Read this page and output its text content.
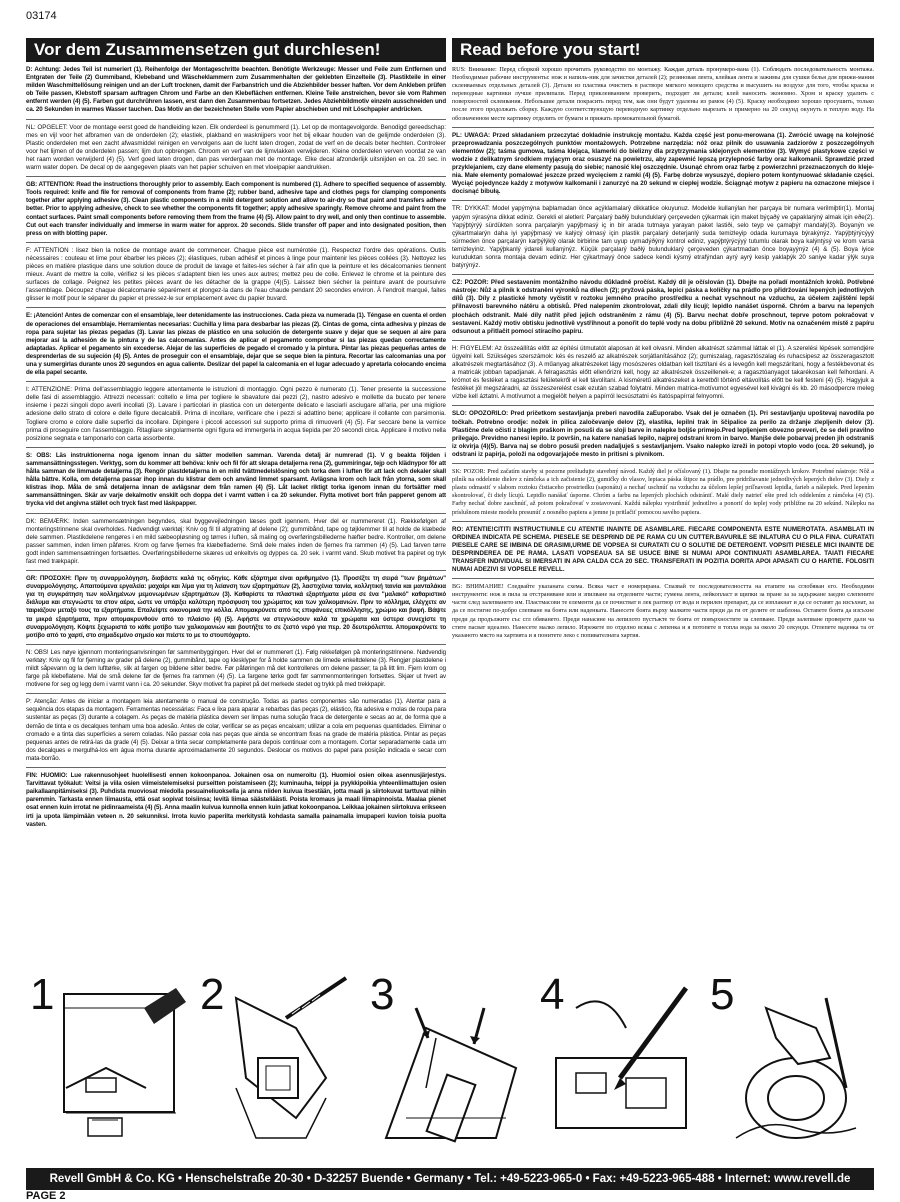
03174
Vor dem Zusammensetzen gut durchlesen!	Read before you start!

D: Achtung: Jedes Teil ist numeriert (1). Reihenfolge der Montageschritte beachten. Benötigte Werkzeuge: Messer und Feile zum Entfernen und Entgraten der Teile (2) Gummiband, Klebeband und Wäscheklammern zum Zusammenhalten der geklebten Einzelteile (3). Plastikteile in einer milden Waschmittellösung reinigen und an der Luft trocknen, damit der Farbanstrich und die Abziehbilder besser haften. Vor dem Ankleben prüfen ob Teile passen, Klebstoff sparsam auftragen Chrom und Farbe an den Klebeflächen entfernen. Kleine Teile anstreichen, bevor sie vom Rahmen entfernt werden (4) (5). Farben gut durchrühren lassen, erst dann den Zusammenbau fortsetzen. Jedes Abziehbildmotiv einzeln ausschneiden und ca. 20 Sekunden in warmes Wasser tauchen. Das Motiv an der bezeichneten Stelle vom Papier abschieben und mit Löschpapier andrücken.

NL: OPGELET: Voor de montage eerst goed de handleiding lezen. Elk onderdeel is genummerd (1). Let op de montagevolgorde. Benodigd gereedschap: mes en vijl voor het afbramen van de onderdelen (2); elastiek, plakband en wasknijpers voor het bij elkaar houden van de gelijmde onderdelen (3). Plastic onderdelen met een zacht afwasmiddel reinigen en vervolgens aan de lucht laten drogen, zodat de verf en de decals beter hechten. Controleer voor het lijmen of de onderdelen passen; lijm dun opbrengen. Chroom en verf van de lijmvlakken verwijderen. Kleine onderdelen verven voordat ze van het raam worden verwijderd (4) (5). Verf goed laten drogen, dan pas verdergaan met de montage. Elke decal afzonderlijk uitsnijden en ca. 20 sec. in warm water dopen. De decal op de aangegeven plaats van het papier schuiven en met vloeipapier aandrukken.

GB: ATTENTION: Read the instructions thoroughly prior to assembly. Each component is numbered (1). Adhere to specified sequence of assembly. Tools required: knife and file for removal of components from frame (2); rubber band, adhesive tape and clothes pegs for clamping components together after applying adhesive (3). Clean plastic components in a mild detergent solution and allow to air-dry so that paint and transfers adhere better. Prior to applying adhesive, check to see whether the components fit together; apply adhesive sparingly. Remove chrome and paint from the contact surfaces. Paint small components before removing them from the frame (4) (5). Allow paint to dry well, and only then continue to assemble. Cut out each transfer individually and immerse in warm water for approx. 20 seconds. Slide transfer off paper and into designated position, then press on with blotting paper.

F: ATTENTION : lisez bien la notice de montage avant de commencer. Chaque pièce est numérotée (1). Respectez l'ordre des opérations. Outils nécessaires : couteau et lime pour ébarber les pièces (2); élastiques, ruban adhésif et pinces à linge pour maintenir les pièces collées (3). Nettoyez les pièces en matière plastique dans une solution douce de produit de lavage et faites-les sécher à l'air afin que la peinture et les décalcomanies tiennent mieux. Avant de mettre la colle, vérifiez si les pièces s'adaptent bien les unes aux autres; mettez peu de colle. Enlevez le chrome et la peinture des surfaces de collage. Peignez les petites pièces avant de les détacher de la grappe (4)(5). Laissez bien sécher la peinture avant de poursuivre l'assemblage. Découpez chaque décalcomanie séparément et plongez-la dans de l'eau chaude pendant 20 secondes environ. À l'endroit marqué, faites glisser le motif pour le séparer du papier et pressez-le sur emplacement avec du papier buvard.

E: ¡Atención! Antes de comenzar con el ensamblaje, leer detenidamente las instrucciones. Cada pieza va numerada (1). Téngase en cuenta el orden de operaciones del ensamblaje. Herramientas necesarias: Cuchilla y lima para desbarbar las piezas (2). Cintas de goma, cinta adhesiva y pinzas de ropa para sujetar las piezas pegadas (3). Lavar las piezas de plástico en una solución de detergente suave y dejar que se sequen al aire para mejorar así la adhesión de la pintura y de las calcomanías. Antes de aplicar el pegamento comprobar si las piezas quedan correctamente adaptadas. Aplicar el pegamento sin excederse. Alejar de las superficies de pegado el cromado y la pintura. Pintar las piezas pequeñas antes de desprenderlas de su sujeción (4) (5). Antes de proseguir con el ensamblaje, dejar que se seque bien la pintura. Recortar las calcomanías una por una y sumergirlas durante unos 20 segundos en agua caliente. Deslizar del papel la calcomanía en el lugar adecuado y apretarla colocando encima de ella papel secante.

I: ATTENZIONE: Prima dell'assemblaggio leggere attentamente le istruzioni di montaggio. Ogni pezzo è numerato (1). Tener presente la successione delle fasi di assemblaggio. Attrezzi necessari: coltello e lima per togliere le sbavature dai pezzi (2), nastro adesivo e mollette da bucato per tenere insieme i pezzi singoli dopo averli incollati (3). Lavare i particolari in plastica con un detergente delicato e lasciarli asciugare all'aria, per una migliore adesione dello strato di colore e delle figure decalcabili. Prima di incollare, verificare che i pezzi si adattino bene; applicare il collante con parsimonia. Togliere cromo e colore dalle superfici da incollare. Dipingere i piccoli accessori sul supporto prima di rimuoverli (4) (5). Far seccare bene la vernice prima di proseguire con l'assemblaggio. Ritagliare singolarmente ogni figura ed immergerla in acqua tiepida per 20 secondi circa. Applicare il motivo nella posizione segnata e tamponarlo con carta assorbente.

S: OBS: Läs instruktionerna noga igenom innan du sätter modellen samman. Varenda detalj är numrerad (1). V g beakta följden i sammansättningsstegen. Verktyg, som du kommer att behöva: kniv och fil för att skrapa detaljerna rena (2), gummiringar, tejp och klädnypor för att hålla samman de limmade detaljerna (3). Rengör plastdetaljerna in en mild tvättmedelslösning och torka dem i luften för att lack och dekaler skall hålla bättre. Kolla, om detaljerna passar ihop innan du klistrar dem och använd limmet sparsamt. Avlägsna krom och lack från ytorna, som skall klistras ihop. Måla de små detaljerna innan de avlägsnar dem från ramen (4) (5). Låt lacket riktigt torka igenom innan du fortsätter med sammansättningen. Skär av varje dekalmotiv enskilt och doppa det i varmt vatten i ca 20 sekunder. Flytta motivet bort från papperet genom att trycka vid det angivna stället och tryck fast med läskpapper.

DK: BEMÆRK: Inden sammensætningen begyndes, skal byggevejledningen læses godt igennem. Hver del er nummereret (1). Rækkefølgen af monteringstrinnene skal overholdes. Nødvendigt værktøj: Kniv og fil til afgratning af delene (2); gummibånd, tape og tøjklemmer til at holde de klæbede dele sammen. Plastikdelene rengøres i en mild sæbeopløsning og tørres i luften, så maling og overføringsbillederne hæfter bedre. Kontroller, om delene passer sammen, inden limen påføres. Krom og farve fjernes fra klæbefladerne. Små dele males inden de fjernes fra rammen (4) (5). Lad farven tørre godt inden sammensætningen fortsættes. Overføringsbillederne skæres ud enkeltvis og dyppes ca. 20 sek. i varmt vand. Skub motivet fra papiret og tryk fast med trækpapir.

GR: ΠΡΟΣΟΧΗ: Πριν τη συναρμολόγηση, διαβάστε καλά τις οδηγίες. Κάθε εξάρτημα είναι αριθμημένο (1). Προσέξτε τη σειρά "των βημάτων" συναρμολόγησης. Απαιτούμενα εργαλεία: μαχαίρι και λίμα για τη λείανση των εξαρτημάτων (2), λαστιχένια ταινία, κολλητική ταινία και μανταλάκια για τη συγκράτηση των κολλημένων μεμονωμένων εξαρτημάτων (3). Καθαρίστε τα πλαστικά εξαρτήματα μέσα σε ένα "μαλακό" καθαριστικό διάλυμα και στεγνώστε τα στον αέρα, ώστε να υπάρξει καλύτερη πρόσφυση του χρώματος και των χαλκομανιών. Πριν το κόλλημα, ελέγχετε αν ταιριάζουν μεταξύ τους τα εξαρτήματα. Επαλείψτε οικονομικά την κόλλα. Απομακρύνετε από τις επιφάνειες επικόλλησης, χρώμιο και βαφή. Βάψτε τα μικρά εξαρτήματα, πριν απομακρυνθούν από το πλαίσιο (4) (5). Αφήστε να στεγνώσουν καλά τα χρώματα και ύστερα συνεχίστε τη συναρμολόγηση. Κόψτε ξεχωριστά το κάθε μοτίβο των χαλκομανιών και βουτήξτε το σε ζεστό νερό για περ. 20 δευτερόλεπτα. Απομακρύνετε το μοτίβο από το χαρτί, στο σημαδεμένο σημείο και πιέστε το με το στουπόχαρτο.

N: OBS! Les nøye igjennom monteringsanvisningen før sammenbyggingen. Hver del er nummerert (1). Følg rekkefølgen på monteringstrinnene. Nødvendig verktøy: Kniv og fil for fjerning av grader på delene (2), gummibånd, tape og klesklyper for å holde sammen de limede enkeltdelene (3). Rengjør plastdelene i mildt såpevann og la dem lufttørke, slik at fargen og bildene sitter bedre. Før påføringen må det kontrolleres om delene passer; ta på litt lim. Fjern krom og farge på klebeflatene. Mal de små delene før de fjernes fra rammen (4) (5). La fargene tørke godt før sammenmonteringen fortsettes. Skjær ut hvert av motivene for seg og legg dem i varmt vann i ca. 20 sekunder. Skyv motivet fra papiret på det merkede stedet og trykk på med trekkpapir.

P: Atenção: Antes de iniciar a montagem leia atentamente o manual de construção. Todas as partes componentes são numeradas (1). Atentar para a sequência dos etapas da montagem. Ferramentas necessárias: Faca e lixa para aparar a rebarbas das peças (2), elástico, fita adesiva e molas de roupa para sustentar as peças (3) durante a colagem. As peças de matéria plástica devem ser limpas numa solução fraca de detergente e secas ao ar, de forma que a demão de tinta e os decalques tenham uma boa adesão. Antes de colar, verificar se as peças encaixam; utilizar a cola em pequenas quantidades. Eliminar o cromado e a tinta das superfícies a serem coladas. Não passar cola nas peças que ainda se encontram fixas na grade de matéria plástica. Pintar as peças pequenas antes de retirá-las da grade (4) (5). Deixar a tinta secar completamente para depois continuar com a montagem. Cortar separadamente cada um dos decalques e mergulhá-los em água morna durante aproximadamente 20 segundos. Deslocar os motivos do papel para posição indicada e secar com mata-borrão.

FIN: HUOMIO: Lue rakennusohjeet huolellisesti ennen kokoonpanoa. Jokainen osa on numeroitu (1). Huomioi osien oikea asennusjärjestys. Tarvittavat työkalut: Veitsi ja viila osien viimeistelemiseksi purseitten poistamiseen (2); kuminauha, teippi ja pyykkipoikia yhteenliimattujen osien paikallaanpitämiseksi (3). Puhdista muoviosat miedolla pesuaineliuoksella ja anna niiden kuivua itsestään, jotta maali ja siirtokuvat tarttuvat niihin paremmin. Tarkasta ennen liimausta, että osat sopivat toisiinsa; levitä liimaa säästeliäästi. Poista kromaus ja maali liimapinnoista. Maalaa pienet osat ennen kuin irrotat ne pidinraameista (4) (5). Anna maalin kuivua kunnolla ennen kuin jatkat kokoonpanoa. Leikkaa jokainen siirtokuva erikseen irti ja upota lämpimään veteen n. 20 sekunniksi. Irrota kuvio paperilta merkitystä kohdasta samalla painamalla imupaperi kuvion toisia puolta vasten.

RUS: Внимание: Перед сборкой хорошо прочитать руководство по монтажу. Каждая деталь пронумеро-вана (1). Соблюдать последовательность монтажа. Необходимые рабочие инструменты: нож и напиль-ник для зачистки деталей (2); резиновая лента, клейкая лента и зажимы для сушки белья для прижи-мания склеиваемых отдельных деталей (3). Детали из пластика очистить в растворе мягкого моющего средства и высушить на воздухе для того, чтобы краска и переводные картинки лучше прилипали. Перед приклеиванием проверить, подходят ли детали; клей наносить экономно. Хром и краску удалить с поверхностей склеивания. Небольшие детали покрасить перед тем, как они будут удалены из рамок (4) (5). Краску необходимо хорошо просушить, только после этого продолжать сборку. Каждую соответствующую переводную картинку отдельно вырезать и примерно на 20 секунд окунуть в теплую воду. На обозначенном месте картинку отделить от бумаги и прижать промокательной бумагой.

PL: UWAGA: Przed składaniem przeczytać dokładnie instrukcję montażu. Każda część jest ponu-merowana (1). Zwrócić uwagę na kolejność przeprowadzania poszczególnych punktów montażowych. Potrzebne narzędzia: nóż oraz pilnik do usuwania zadziorów z poszczególnych elementów (2); taśma gumowa, taśma klejąca, klamerki do bielizny dla przytrzymania sklejonych elementów (3). Wymyć plastykowe części w wodzie z delikatnym środkiem myjącym oraz osuszyć na powietrzu, aby zapewnić lepszą przylepność farby oraz kalkomanii. Sprawdzić przed przyklejaniem, czy dane elementy pasują do siebie; nanosić klej oszczędnie. Usunąć chrom oraz farbę z powierzchni przeznaczonych do kleje-nia. Małe elementy pomalować jeszcze przed wycięciem z ramki (4) (5). Farbę dobrze wysuszyć, dopiero potem kontynuować składanie części. Wyciąć pojedyncze każdy z motywów kalkomanii i zanurzyć na 20 sekund w ciepłej wodzie. Ściągnąć motyw z papieru na oznaczone miejsce i docisnąć bibułą.

TR: DYKKAT: Model yapýmýna baþlamadan önce açýklamalarý dikkatlice okuyunuz. Modelde kullanýlan her parçaya bir numara verilmiþtir(1). Montaj yapým sýrasýna dikkat ediniz. Gerekli el aletleri: Parçalarý baðlý bulunduklarý çerçeveden çýkarmak için maket býçaðý ve çapaklarýný almak için eðe(2). Yapýþtýrýý sürdükten sonra parçalarýn yapýþmasý iç in bir arada tutmaya yarayan paket lastiði, selo teyp ve çamaþýr mandalý(3). Boyanýn ve çýkartmalarýn daha iyi yapýþmasý ve kalýcý olmasý için plastik parçalarý deterjanlý suda temizleyip odada kurumaya býrakýnýz. Yapýþtýrýcýyý sürmeden önce parçalarýn karþýlýklý olarak birbirine tam uyup uymadýðýný kontrol ediniz, yapýþtýrýcýyý tutumlu olarak boya kalýntýsý ve krom varsa temizleyiniz. Yapýþkanlý ýdareli kullanýnýz. Küçük parçalarý baðlý bulunduklarý çerçeveden çýkartmadan önce boyayýnýz (4) & (5). Boya iyice kuruduktan sonra montaja devam ediniz. Her çýkartmayý önce sadece kendi kýsmý etrafýndan ayrý ayrý kesip yaklaþýk 20 saniye kadar ýlýk suya batýrýnýz.

CZ: POZOR: Před sestavením montážního návodu důkladně pročíst. Každý díl je očíslován (1). Dbejte na pořadí montážních kroků. Potřebné nástroje: Nůž a pilník k odstranění výronků na dílech (2); pryžová páska, lepicí páska a kolíčky na prádlo pro přidržování lepených jednotlivých dílů (3). Díly z plastické hmoty vyčistit v roztoku jemného pracího prostředku a nechat vyschnout na vzduchu, za účelem zajištění lepší přilnavosti barevného nátěru a obtisků. Před nalepením zkontrolovat, zdali díly lícují; lepidlo nanášet úsporně. Chróm a barvu na lepených plochách odstranit. Malé díly natřít před jejich odstraněním z rámu (4) (5). Barvu nechat dobře proschnout, teprve potom pokračovat v sestavení. Každý motiv obtisku jednotlivě vystřihnout a ponořit do teplé vody na dobu přibližně 20 sekund. Motiv na označeném místě z papíru odsunout a přitlačit pomocí stíracího papíru.

H: FIGYELEM: Az összeállítás előtt az építési útmutatót alaposan át kell olvasni. Minden alkatrészt számmal láttak el (1). A szerelési lépések sorrendjére ügyelni kell. Szükséges szerszámok: kés és reszelő az alkatrészek sorjátlanításához (2); gumiszalag, ragasztószalag és ruhacsipesz az összeragasztott alkatrészek megtartásához (3). A műanyag alkatrészeket lágy mosószeres oldatban kell tisztítani és a levegőn kell megszárítani, hogy a festékbevonat és a matricák jobban tapadjanak. A felragasztás előtt ellenőrizni kell, hogy az alkatrészek összeillenek-e; a ragasztóanyagot takarékosan kell felhordani. A krómot és festéket a ragasztási felületekről el kell távolítani. A kisméretű alkatrészeket a keretből történő eltávolítás előtt be kell festeni (4) (5). Hagyjuk a festéket jól megszáradni, az összeszerelést csak ezután szabad folytatni. Minden matrica-motívumot egyesével kell kivágni és kb. 20 másodpercre meleg vízbe kell áztatni. A motívumot a megjelölt helyen a papírról lecsúsztatni és itatóspapírral felnyomni.

SLO: OPOZORILO: Pred pričetkom sestavljanja preberi navodila zaEuporabo. Vsak del je označen (1). Pri sestavljanju upoštevaj navodila po točkah. Potrebno orodje: nožek in pilica zaločevanje delov (2), elastika, lepilni trak in ščipalice za perilo za držanje zlepljenih delov (3). Plastične dele očisti z blagim praškom in posuši da se sloji barve in nalepke boljše primejo.Pred lepljenjem obvezno preveri, če se deli pravilno prilegajo. Previdno nanesi lepilo. Iz površin, na katere nanašaš lepilo, najprej odstrani krom in barvo. Manjše dele pobarvaj preden jih odstraniš iz okvirja (4)(5). Barva naj se dobro posuši preden nadaljuješ s sestavljanjem. Vsako nalepko izreži in potopi vtoplo vodo (cca. 20 sekund), jo odstrani iz papirja, položi na odgovarjajoče mesto in pritisni s pivnikom.

SK: POZOR: Pred začatím stavby si pozorne preštudujte stavebný návod. Každý diel je očíslovaný (1). Dbajte na poradie montážnych krokov. Potrebné nástroje: Nôž a pilník na oddelenie dielov z rámčeka a ich začistenie (2), gumičky do vlasov, lepiaca páska štipce na prádlo, pre pridržiavanie jednotlivých lepených dielov (3). Diely z plastu odmastiť v slabom roztoku čistiaceho prostriedku (saponátu) a nechať uschnúť na vzduchu za účelom lepšej priľnavosti lepidla, farieb a nálepiek. Pred lepením skontrolovať, či diely lícujú. Lepidlo nanášať úsporne. Chróm a farbu na lepených plochách odstrániť. Malé diely natrieť ešte pred ich oddelením z rámčeka (4) (5). Farby nechať dobre zaschnúť, až potom pokračovať v zostavovaní. Každú nálepku vystrihnúť jednotlivo a ponoriť do teplej vody približne na 20 sekúnd. Nálepku na príslušnom mieste modelu presunúť z nosného papiera a jemne ju pritlačiť pomocou savého papiera.

RO: ATENTIE!CITITI INSTRUCTIUNILE CU ATENTIE INAINTE DE ASAMBLARE. FIECARE COMPONENTA ESTE NUMEROTATA. ASAMBLATI IN ORDINEA INDICATA PE SCHEMA. PIESELE SE DESPRIND DE PE RAMA CU UN CUTTER.BAVURILE SE INLATURA CU O PILA FINA. CURATATI PIESELE CARE SE IMBINA DE GRASIMI,URME DE VOPSEA SI CURATATI CU O SOLUTIE DE DETERGENT. VOPSITI PIESELE MICI INAINTE DE DESPRINDEREA DE PE RAMA. LASATI VOPSEAUA SA SE USUCE BINE SI NUMAI APOI CONTINUATI ASAMBLAREA. TAIATI FIECARE TRANSFER INDIVIDUAL SI IMERSATI IN APA CALDA CCA 20 SEC. TRANSFERATI IN POZITIA DORITA APOI APASATI CU O HARTIE. FOLOSITI NUMAI ADEZIVI SI VOPSELE REVELL.

BG: ВНИМАНИЕ! Следвайте указаната схема. Всяка част е номерирана. Спазвай те последователността на етапите на сглобяван его. Необходими инструменти: нож и пила за отстраняване или и зпилване на отделните части; гумена лента, лейкопласт и щипки за пране за за задържане заедно слепените части след залепването им. Пластмасови те елементи да се почистват в лек разтвор от вода и перилен препарат, да се изплакнат и да се оставят да изсъхнат, за да се постигне по-добро слепване на боята или наденката. Нанесете боята върху малките части преди да ги от делите от шаблона. Оставете боята да изсъхне преди да продължите със сгл обяването. Преди нанасяне на лепилото пустъжте те боята от повърхностите за слепване. Преди залепване проверете дали ча стите пасват идеално. Нанесете малко лепило. Изрежете по отделно всяка с лепенка и я потопете в топла вода за около 20 секунди. Отлепете ваденка та от указаното място на хартията и я понитете леко с попивателната хартия.

1	2	3	4	5
Revell GmbH & Co. KG • Henschelstraße 20-30 • D-32257 Buende • Germany • Tel.: +49-5223-965-0 • Fax: +49-5223-965-488 • Internet: www.revell.de
PAGE 2
